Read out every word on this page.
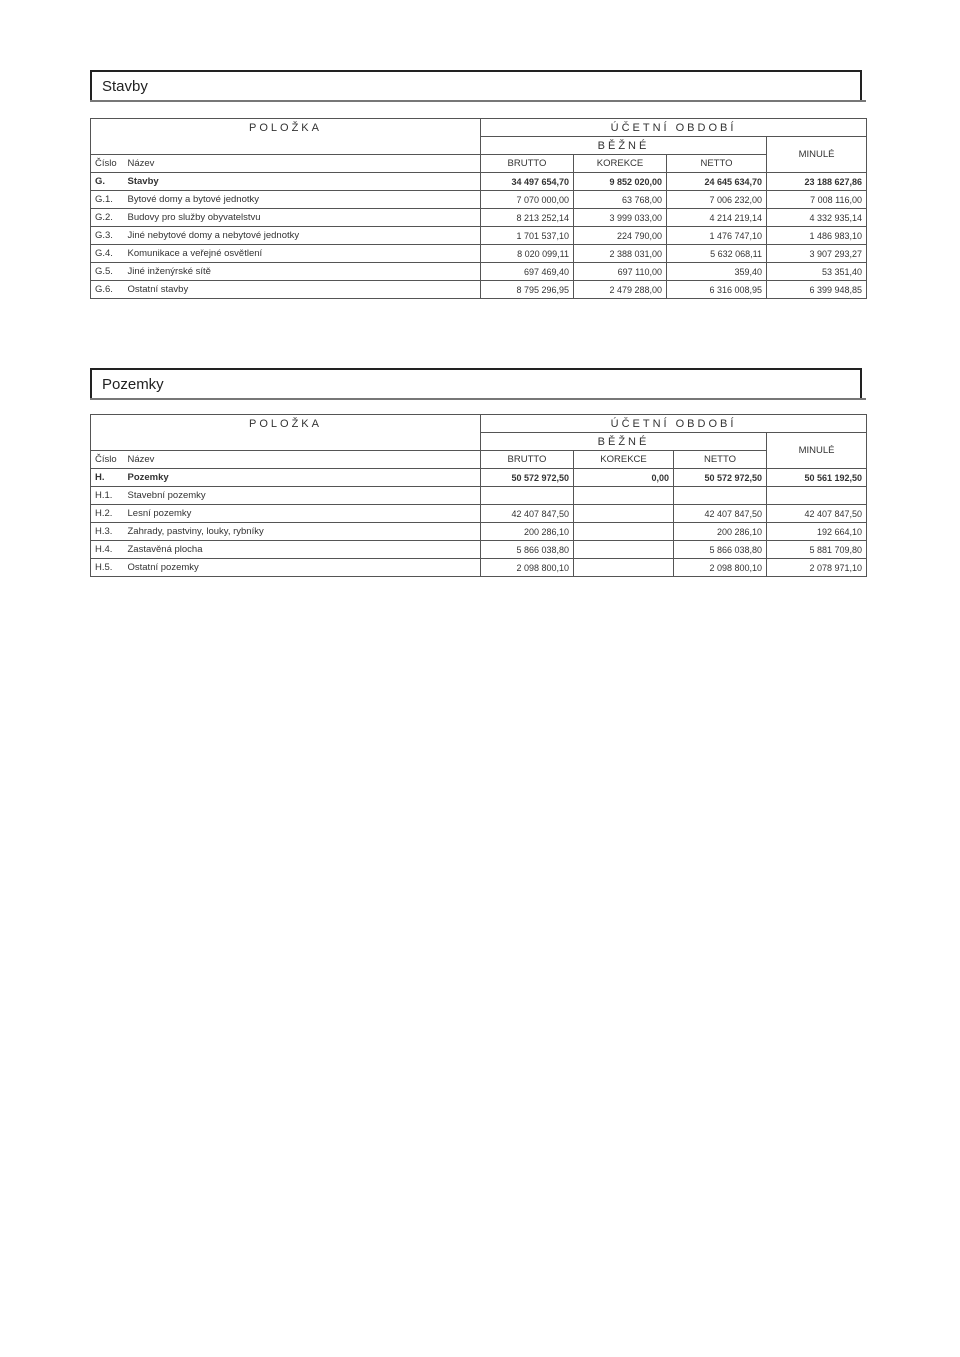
Stavby
POLOŽKA		ÚČETNÍ OBDOBÍ			
		BĚŽNÉ			MINULÉ
Číslo	Název	BRUTTO	KOREKCE	NETTO	
G.	Stavby	34 497 654,70	9 852 020,00	24 645 634,70	23 188 627,86
G.1.	Bytové domy a bytové jednotky	7 070 000,00	63 768,00	7 006 232,00	7 008 116,00
G.2.	Budovy pro služby obyvatelstvu	8 213 252,14	3 999 033,00	4 214 219,14	4 332 935,14
G.3.	Jiné nebytové domy a nebytové jednotky	1 701 537,10	224 790,00	1 476 747,10	1 486 983,10
G.4.	Komunikace a veřejné osvětlení	8 020 099,11	2 388 031,00	5 632 068,11	3 907 293,27
G.5.	Jiné inženýrské sítě	697 469,40	697 110,00	359,40	53 351,40
G.6.	Ostatní stavby	8 795 296,95	2 479 288,00	6 316 008,95	6 399 948,85
Pozemky
POLOŽKA		ÚČETNÍ OBDOBÍ			
		BĚŽNÉ			MINULÉ
Číslo	Název	BRUTTO	KOREKCE	NETTO	
H.	Pozemky	50 572 972,50	0,00	50 572 972,50	50 561 192,50
H.1.	Stavební pozemky				
H.2.	Lesní pozemky	42 407 847,50		42 407 847,50	42 407 847,50
H.3.	Zahrady, pastviny, louky, rybníky	200 286,10		200 286,10	192 664,10
H.4.	Zastavěná plocha	5 866 038,80		5 866 038,80	5 881 709,80
H.5.	Ostatní pozemky	2 098 800,10		2 098 800,10	2 078 971,10
